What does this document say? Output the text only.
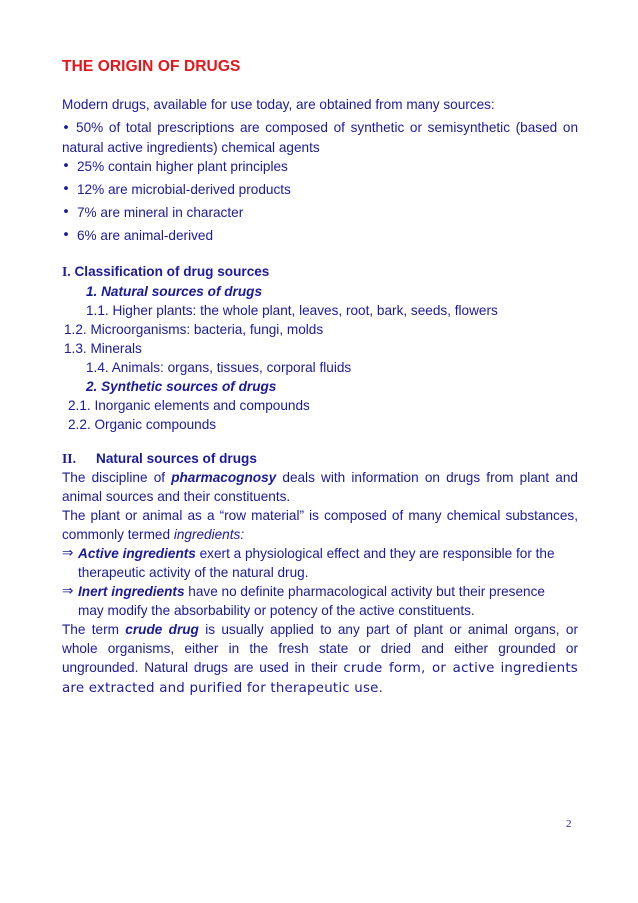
THE ORIGIN OF DRUGS
Modern drugs, available for use today, are obtained from many sources:
• 50% of total prescriptions are composed of synthetic or semisynthetic (based on natural active ingredients) chemical agents
• 25% contain higher plant principles
• 12% are microbial-derived products
• 7% are mineral in character
• 6% are animal-derived
I. Classification of drug sources
1. Natural sources of drugs
1.1. Higher plants: the whole plant, leaves, root, bark, seeds, flowers
1.2. Microorganisms: bacteria, fungi, molds
1.3. Minerals
1.4. Animals: organs, tissues, corporal fluids
2. Synthetic sources of drugs
2.1. Inorganic elements and compounds
2.2. Organic compounds
II. Natural sources of drugs
The discipline of pharmacognosy deals with information on drugs from plant and animal sources and their constituents.
The plant or animal as a “row material” is composed of many chemical substances, commonly termed ingredients:
⇒ Active ingredients exert a physiological effect and they are responsible for the
therapeutic activity of the natural drug.
⇒ Inert ingredients have no definite pharmacological activity but their presence
may modify the absorbability or potency of the active constituents.
The term crude drug is usually applied to any part of plant or animal organs, or whole organisms, either in the fresh state or dried and either grounded or ungrounded. Natural drugs are used in their crude form, or active ingredients are extracted and purified for therapeutic use.
2
